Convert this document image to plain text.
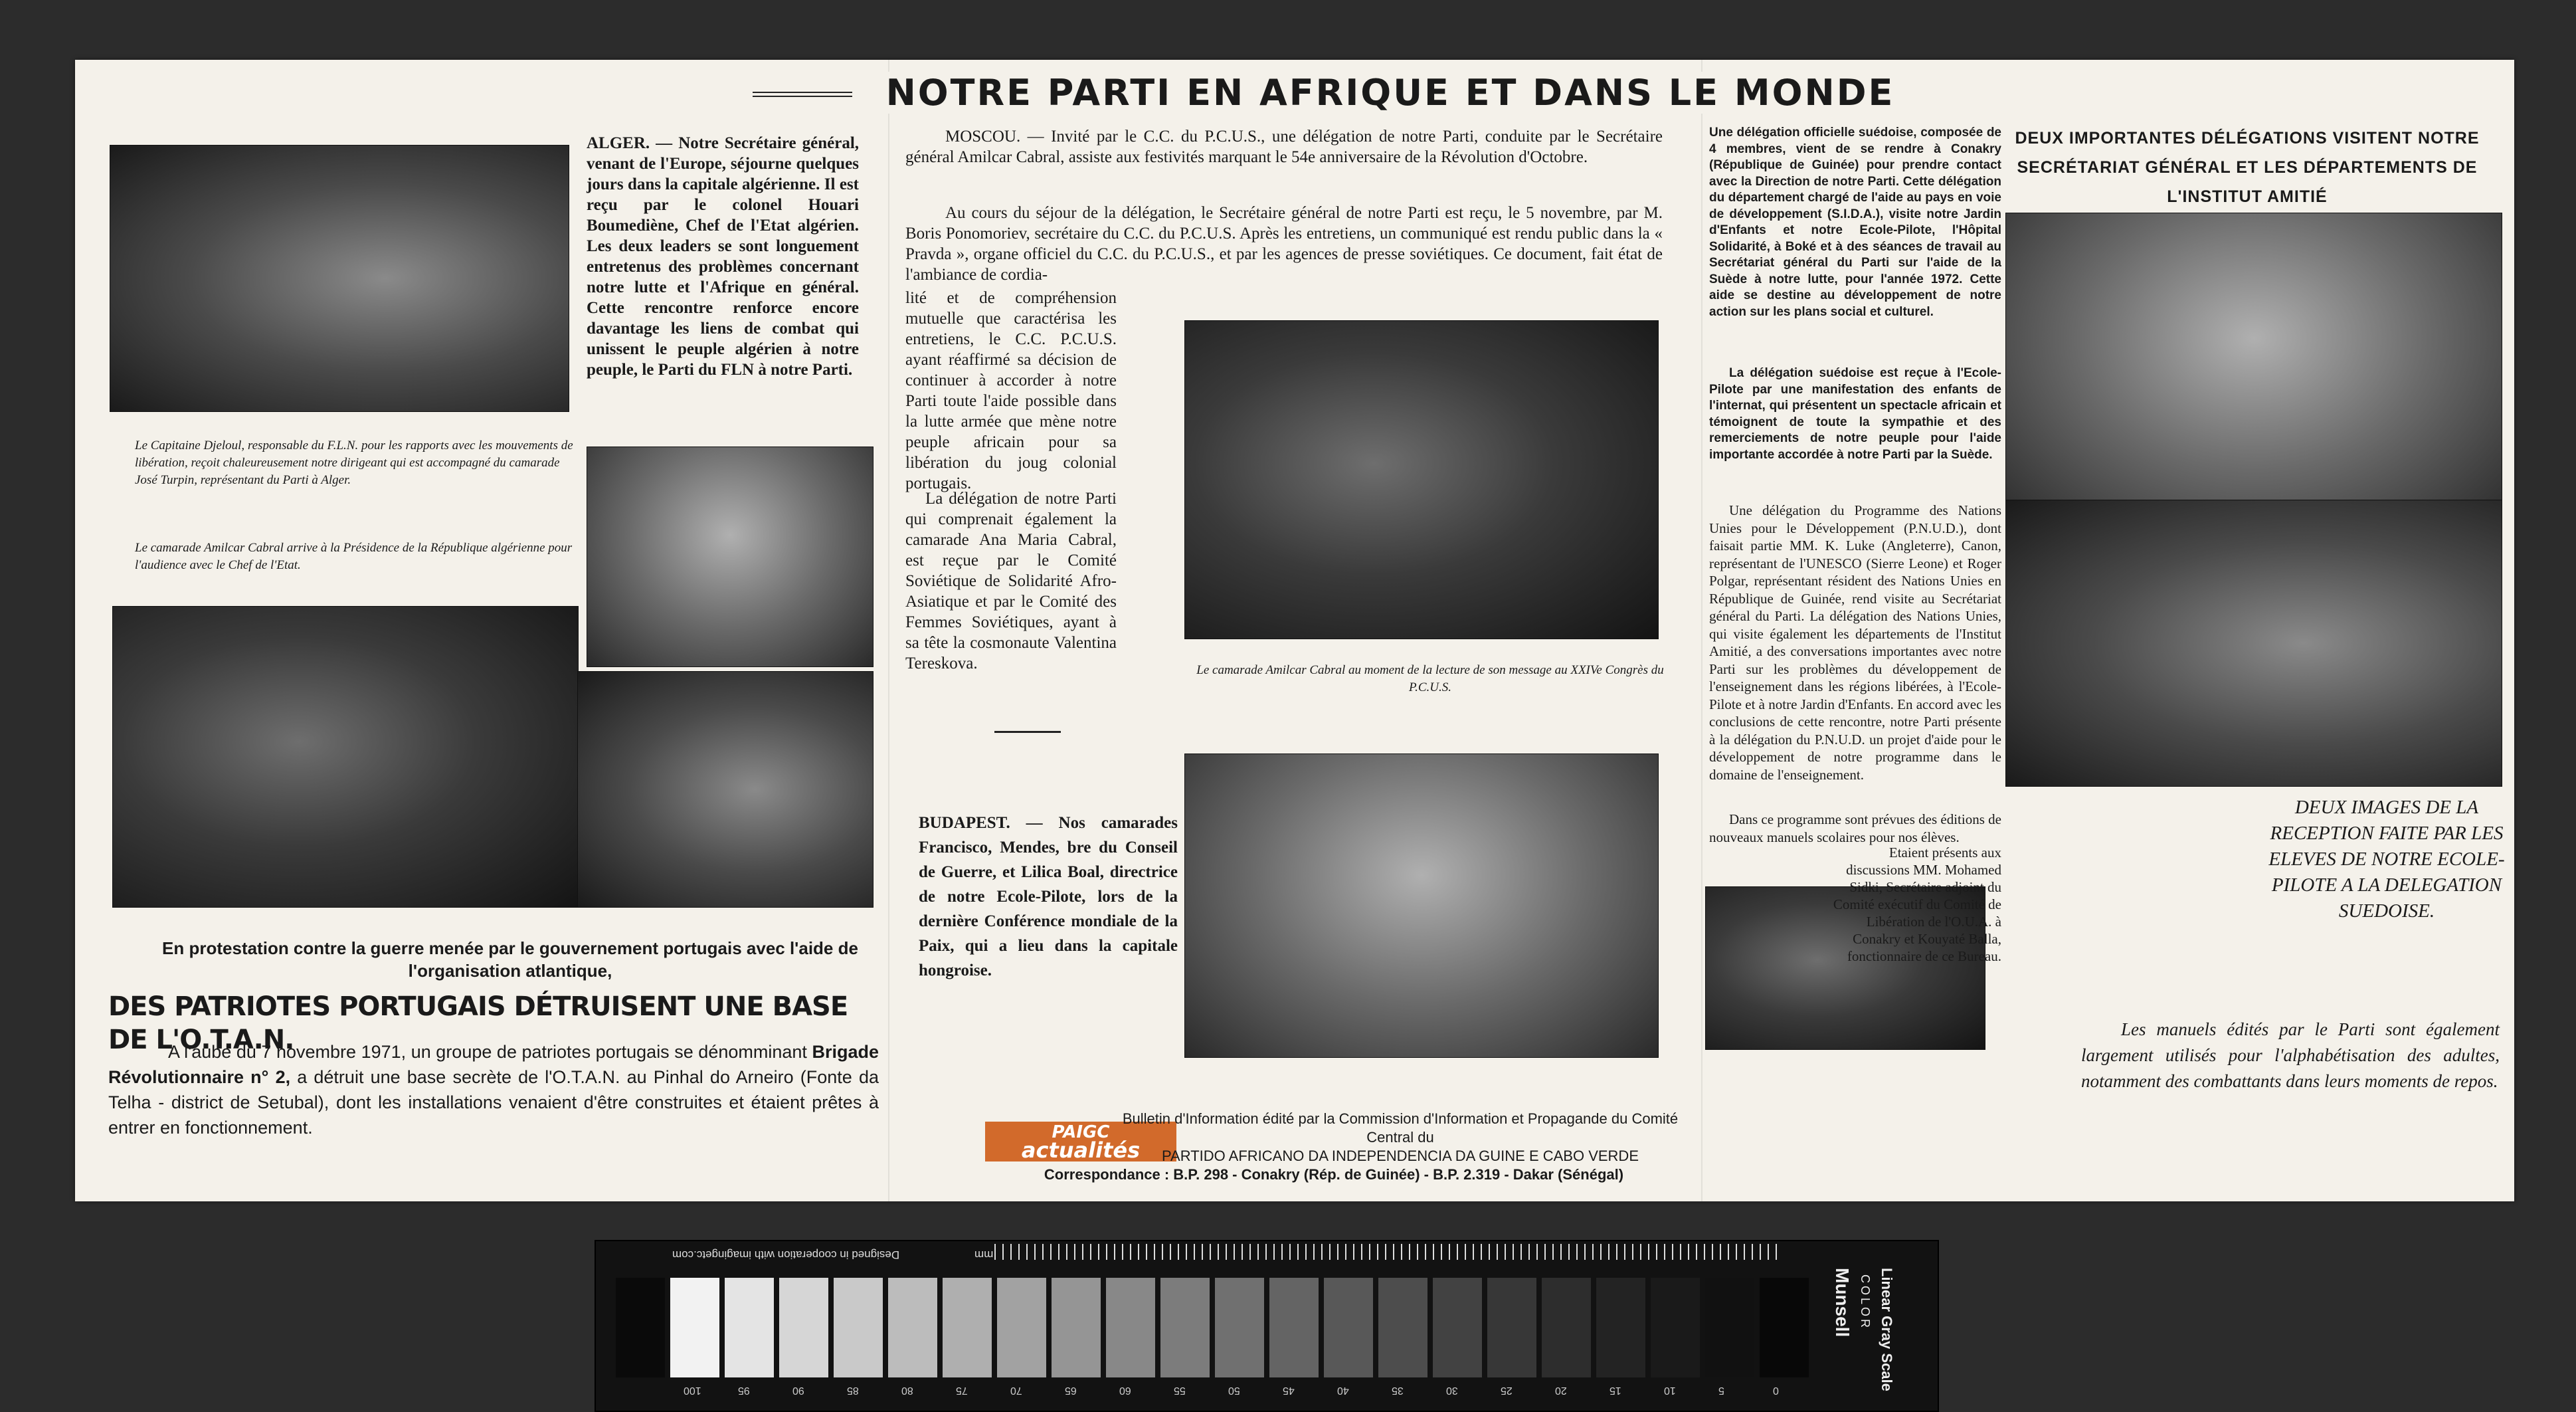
NOTRE PARTI EN AFRIQUE ET DANS LE MONDE
ALGER. — Notre Secrétaire général, venant de l'Europe, séjourne quelques jours dans la capitale algérienne. Il est reçu par le colonel Houari Boumediène, Chef de l'Etat algérien. Les deux leaders se sont longuement entretenus des problèmes concernant notre lutte et l'Afrique en général. Cette rencontre renforce encore davantage les liens de combat qui unissent le peuple algérien à notre peuple, le Parti du FLN à notre Parti.
Le Capitaine Djeloul, responsable du F.L.N. pour les rapports avec les mouvements de libération, reçoit chaleureusement notre dirigeant qui est accompagné du camarade José Turpin, représentant du Parti à Alger.
Le camarade Amilcar Cabral arrive à la Présidence de la République algérienne pour l'audience avec le Chef de l'Etat.
En protestation contre la guerre menée par le gouvernement portugais avec l'aide de l'organisation atlantique,
DES PATRIOTES PORTUGAIS DÉTRUISENT UNE BASE DE L'O.T.A.N.
A l'aube du 7 novembre 1971, un groupe de patriotes portugais se dénomminant Brigade Révolutionnaire n° 2, a détruit une base secrète de l'O.T.A.N. au Pinhal do Arneiro (Fonte da Telha - district de Setubal), dont les installations venaient d'être construites et étaient prêtes à entrer en fonctionnement.
MOSCOU. — Invité par le C.C. du P.C.U.S., une délégation de notre Parti, conduite par le Secrétaire général Amilcar Cabral, assiste aux festivités marquant le 54e anniversaire de la Révolution d'Octobre.
Au cours du séjour de la délégation, le Secrétaire général de notre Parti est reçu, le 5 novembre, par M. Boris Ponomoriev, secrétaire du C.C. du P.C.U.S. Après les entretiens, un communiqué est rendu public dans la « Pravda », organe officiel du C.C. du P.C.U.S., et par les agences de presse soviétiques. Ce document, fait état de l'ambiance de cordia-
lité et de compréhension mutuelle que caractérisa les entretiens, le C.C. P.C.U.S. ayant réaffirmé sa décision de continuer à accorder à notre Parti toute l'aide possible dans la lutte armée que mène notre peuple africain pour sa libération du joug colonial portugais.
La délégation de notre Parti qui comprenait également la camarade Ana Maria Cabral, est reçue par le Comité Soviétique de Solidarité Afro-Asiatique et par le Comité des Femmes Soviétiques, ayant à sa tête la cosmonaute Valentina Tereskova.	Le camarade Amilcar Cabral au moment de la lecture de son message au XXIVe Congrès du P.C.U.S.
BUDAPEST. — Nos camarades Francisco, Mendes, bre du Conseil de Guerre, et Lilica Boal, directrice de notre Ecole-Pilote, lors de la dernière Conférence mondiale de la Paix, qui a lieu dans la capitale hongroise.
PAIGC
actualités
Bulletin d'Information édité par la Commission d'Information et Propagande du Comité Central du
PARTIDO AFRICANO DA INDEPENDENCIA DA GUINE E CABO VERDE
Correspondance : B.P. 298 - Conakry (Rép. de Guinée) - B.P. 2.319 - Dakar (Sénégal)
Une délégation officielle suédoise, composée de 4 membres, vient de se rendre à Conakry (République de Guinée) pour prendre contact avec la Direction de notre Parti. Cette délégation du département chargé de l'aide au pays en voie de développement (S.I.D.A.), visite notre Jardin d'Enfants et notre Ecole-Pilote, l'Hôpital Solidarité, à Boké et à des séances de travail au Secrétariat général du Parti sur l'aide de la Suède à notre lutte, pour l'année 1972. Cette aide se destine au développement de notre action sur les plans social et culturel.
La délégation suédoise est reçue à l'Ecole-Pilote par une manifestation des enfants de l'internat, qui présentent un spectacle africain et témoignent de toute la sympathie et des remerciements de notre peuple pour l'aide importante accordée à notre Parti par la Suède.
Une délégation du Programme des Nations Unies pour le Développement (P.N.U.D.), dont faisait partie MM. K. Luke (Angleterre), Canon, représentant de l'UNESCO (Sierre Leone) et Roger Polgar, représentant résident des Nations Unies en République de Guinée, rend visite au Secrétariat général du Parti. La délégation des Nations Unies, qui visite également les départements de l'Institut Amitié, a des conversations importantes avec notre Parti sur les problèmes du développement de l'enseignement dans les régions libérées, à l'Ecole-Pilote et à notre Jardin d'Enfants. En accord avec les conclusions de cette rencontre, notre Parti présente à la délégation du P.N.U.D. un projet d'aide pour le développement de notre programme dans le domaine de l'enseignement.
Dans ce programme sont prévues des éditions de nouveaux manuels scolaires pour nos élèves.
Etaient présents aux discussions MM. Mohamed Sidki, Secrétaire adjoint du Comité exécutif du Comité de Libération de l'O.U.A. à Conakry et Kouyaté Balla, fonctionnaire de ce Bureau.
DEUX IMPORTANTES DÉLÉGATIONS VISITENT NOTRE SECRÉTARIAT GÉNÉRAL ET LES DÉPARTEMENTS DE L'INSTITUT AMITIÉ
DEUX IMAGES DE LA RECEPTION FAITE PAR LES ELEVES DE NOTRE ECOLE-PILOTE A LA DELEGATION SUEDOISE.
Les manuels édités par le Parti sont également largement utilisés pour l'alphabétisation des adultes, notamment des combattants dans leurs moments de repos.
Designed in cooperation with imagingetc.com	mm
100	95	90	85	80	75	70	65	60	55	50	45	40	35	30	25	20	15	10	5	0
Munsell COLOR Linear Gray Scale
